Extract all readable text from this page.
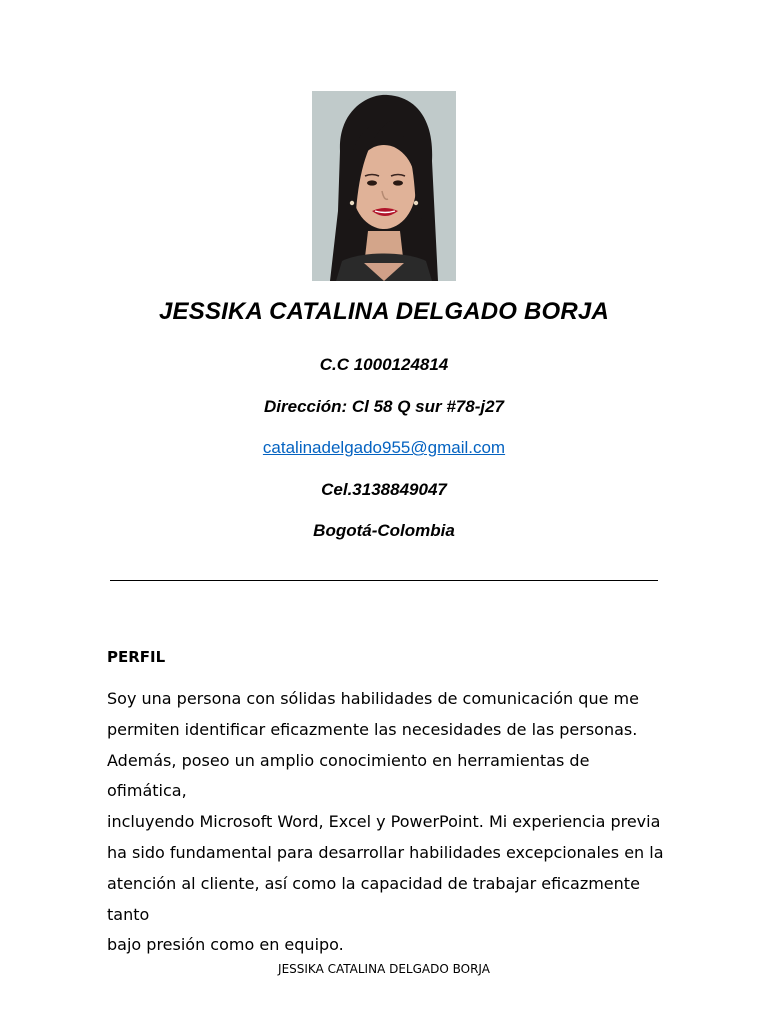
JESSIKA CATALINA DELGADO BORJA
C.C 1000124814
Dirección: Cl 58 Q sur #78-j27
catalinadelgado955@gmail.com
Cel.3138849047
Bogotá-Colombia
PERFIL
Soy una persona con sólidas habilidades de comunicación que me
permiten identificar eficazmente las necesidades de las personas.
Además, poseo un amplio conocimiento en herramientas de ofimática,
incluyendo Microsoft Word, Excel y PowerPoint. Mi experiencia previa
ha sido fundamental para desarrollar habilidades excepcionales en la
atención al cliente, así como la capacidad de trabajar eficazmente tanto
bajo presión como en equipo.
JESSIKA CATALINA DELGADO BORJA
